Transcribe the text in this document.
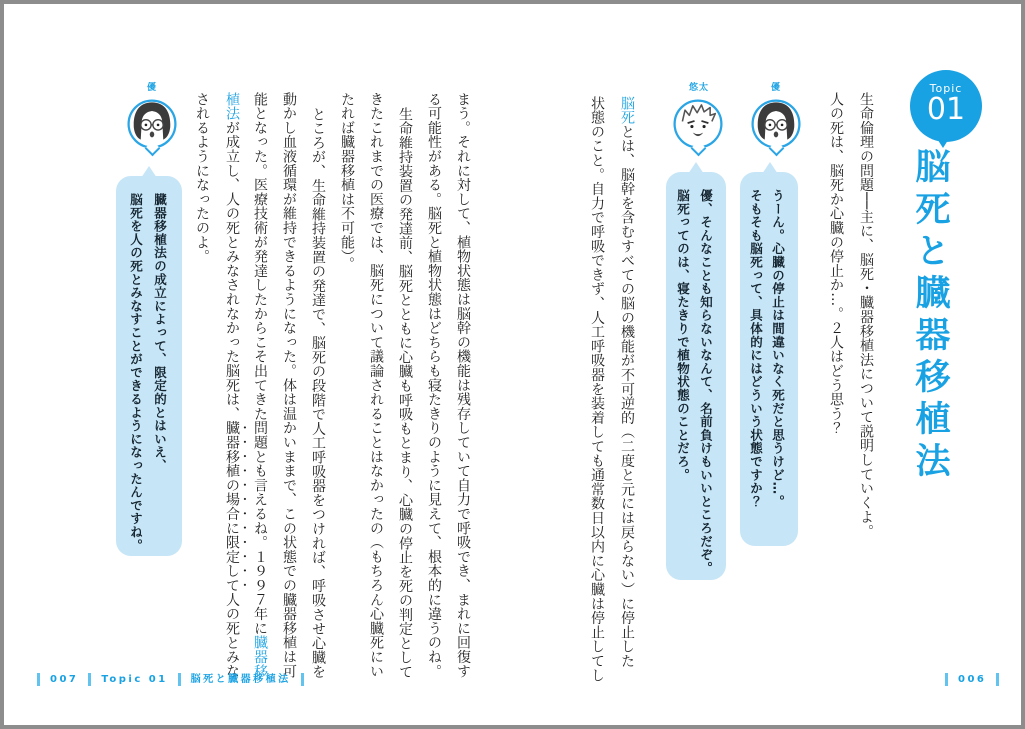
Topic
01
脳死と臓器移植法
生命倫理の問題──主に、脳死・臓器移植法について説明していくよ。
人の死は、脳死か心臓の停止か…。２人はどう思う？
優
悠太
うーん。心臓の停止は間違いなく死だと思うけど…。
そもそも脳死って、具体的にはどういう状態ですか？
優、そんなことも知らないなんて、名前負けもいいところだぞ。
脳死ってのは、寝たきりで植物状態のことだろ。
脳死とは、脳幹を含むすべての脳の機能が不可逆的（二度と元には戻らない）に停止した
状態のこと。自力で呼吸できず、人工呼吸器を装着しても通常数日以内に心臓は停止してし
まう。それに対して、植物状態は脳幹の機能は残存していて自力で呼吸でき、まれに回復す
る可能性がある。脳死と植物状態はどちらも寝たきりのように見えて、根本的に違うのね。
生命維持装置の発達前、脳死とともに心臓も呼吸もとまり、心臓の停止を死の判定として
きたこれまでの医療では、脳死について議論されることはなかったの（もちろん心臓死にい
たれば臓器移植は不可能）。
ところが、生命維持装置の発達で、脳死の段階で人工呼吸器をつければ、呼吸させ心臓を
動かし血液循環が維持できるようになった。体は温かいままで、この状態での臓器移植は可
能となった。医療技術が発達したからこそ出てきた問題とも言えるね。１９９７年に臓器移
植法が成立し、人の死とみなされなかった脳死は、臓器移植の場合に限定して人の死とみな
されるようになったのよ。
優
臓器移植法の成立によって、限定的とはいえ、
脳死を人の死とみなすことができるようになったんですね。
007 Topic 01 脳死と臓器移植法	006
